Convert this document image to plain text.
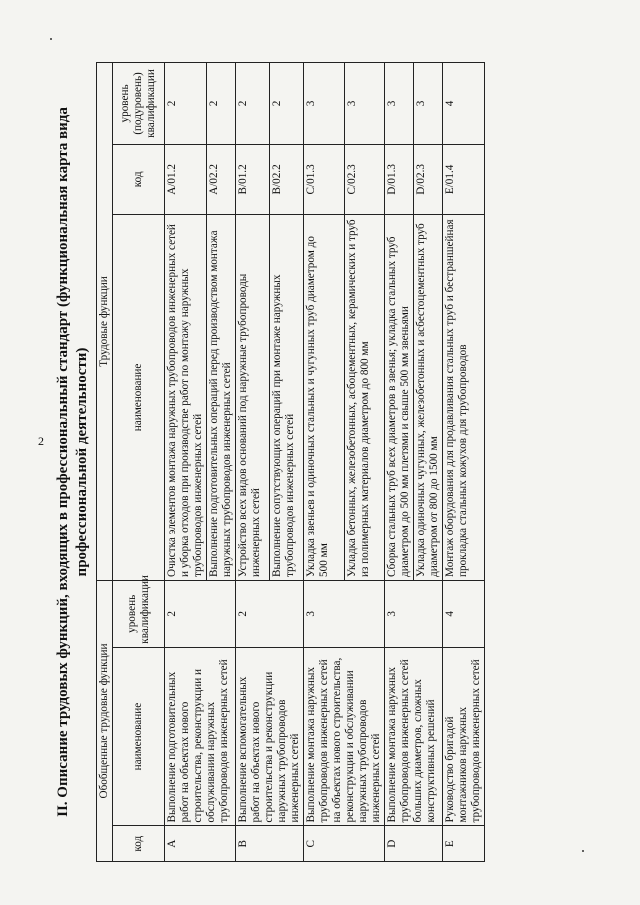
2 II. Описание трудовых функций, входящих в профессиональный стандарт (функциональная карта вида профессиональной деятельности)
Обобщенные трудовые функции			Трудовые функции		
код	наименование	уровень квалификации	наименование	код	уровень (подуровень) квалификации
A	Выполнение подготовительных работ на объектах нового строительства, реконструкции и обслуживании наружных трубопроводов инженерных сетей	2	Очистка элементов монтажа наружных трубопроводов инженерных сетей и уборка отходов при производстве работ по монтажу наружных трубопроводов инженерных сетей	A/01.2	2
			Выполнение подготовительных операций перед производством монтажа наружных трубопроводов инженерных сетей	A/02.2	2
B	Выполнение вспомогательных работ на объектах нового строительства и реконструкции наружных трубопроводов инженерных сетей	2	Устройство всех видов оснований под наружные трубопроводы инженерных сетей	B/01.2	2
			Выполнение сопутствующих операций при монтаже наружных трубопроводов инженерных сетей	B/02.2	2
C	Выполнение монтажа наружных трубопроводов инженерных сетей на объектах нового строительства, реконструкции и обслуживании наружных трубопроводов инженерных сетей	3	Укладка звеньев и одиночных стальных и чугунных труб диаметром до 500 мм	C/01.3	3
			Укладка бетонных, железобетонных, асбоцементных, керамических и труб из полимерных материалов диаметром до 800 мм	C/02.3	3
D	Выполнение монтажа наружных трубопроводов инженерных сетей больших диаметров, сложных конструктивных решений	3	Сборка стальных труб всех диаметров в звенья; укладка стальных труб диаметром до 500 мм плетями и свыше 500 мм звеньями	D/01.3	3
			Укладка одиночных чугунных, железобетонных и асбестоцементных труб диаметром от 800 до 1500 мм	D/02.3	3
E	Руководство бригадой монтажников наружных трубопроводов инженерных сетей	4	Монтаж оборудования для продавливания стальных труб и бестраншейная прокладка стальных кожухов для трубопроводов	E/01.4	4
